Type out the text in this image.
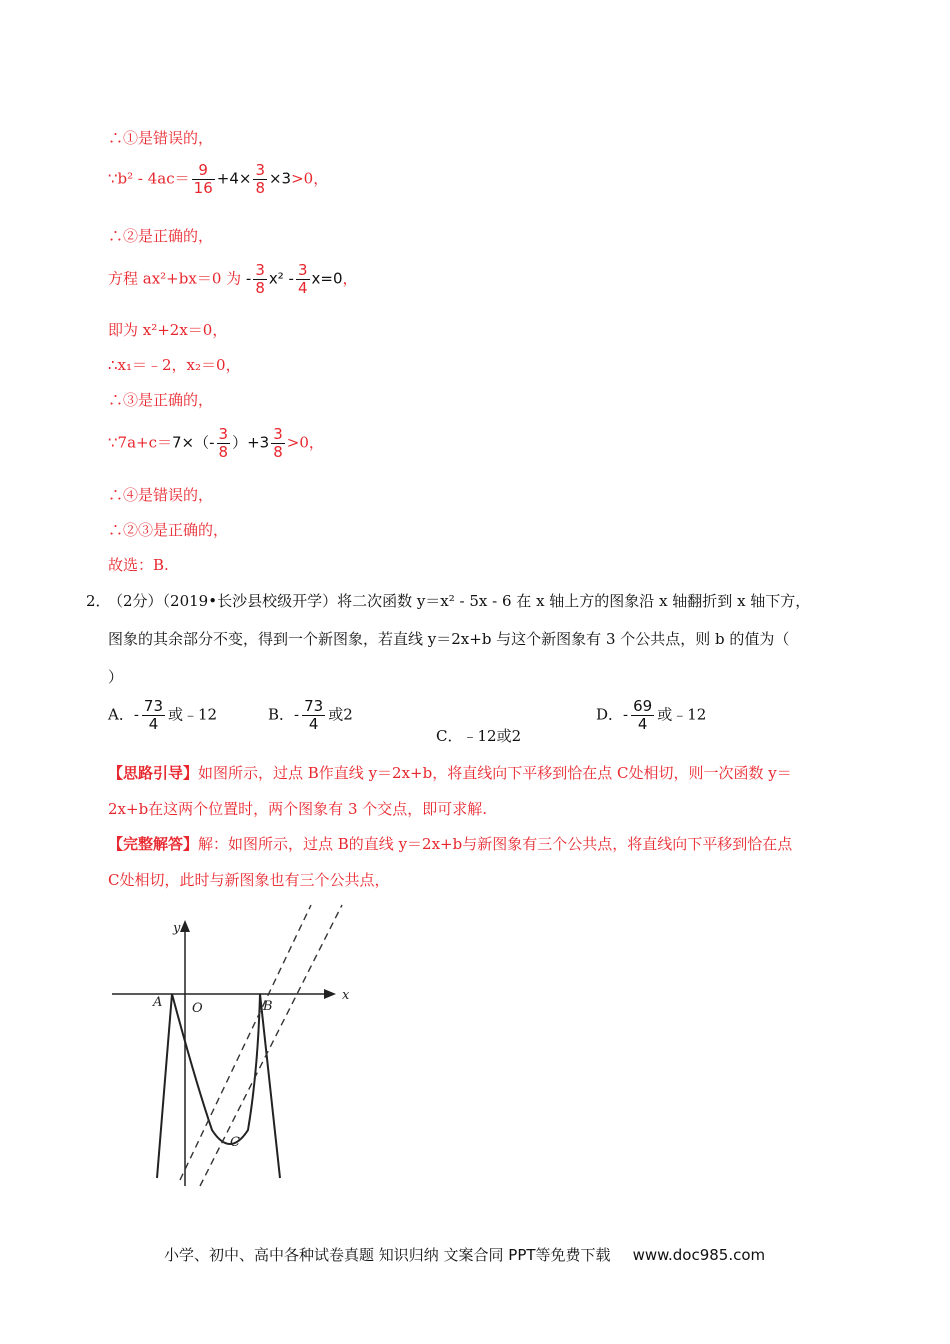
∴①是错误的，
∵b² - $4ac= \frac{9}{16} +4\times \frac{3}{8} \times 3>0$，
∴②是正确的，
方程 ax²+bx＝0 为 - $\frac{3}{8} x^2 - \frac{3}{4} x=0$，
即为 x²+2x＝0，
∴x₁＝﹣2，x₂＝0，
∴③是正确的，
∵7a+c＝7×（- $\frac{3}{8} )+3 \frac{3}{8} >0$，
∴④是错误的，
∴②③是正确的，
故选：B.
2．
（2分）（2019•长沙县校级开学）将二次函数 y＝x² - 5x - 6 在 x 轴上方的图象沿 x 轴翻折到 x 轴下方，
图象的其余部分不变，得到一个新图象，若直线 y＝2x+b 与这个新图象有 3 个公共点，则 b 的值为（
）
A．- $\frac{73}{4}$ 或﹣12	B．- $\frac{73}{4}$ 或2
C．﹣12或2
D．- $\frac{69}{4}$ 或﹣12
【思路引导】如图所示，过点 B作直线 y＝2x+b，将直线向下平移到恰在点 C处相切，则一次函数 y＝
2x+b在这两个位置时，两个图象有 3 个交点，即可求解.
【完整解答】解：如图所示，过点 B的直线 y＝2x+b与新图象有三个公共点，将直线向下平移到恰在点
C处相切，此时与新图象也有三个公共点，
y
x
A O	B
C
小学、初中、高中各种试卷真题 知识归纳 文案合同 PPT等免费下载 www.doc985.com
